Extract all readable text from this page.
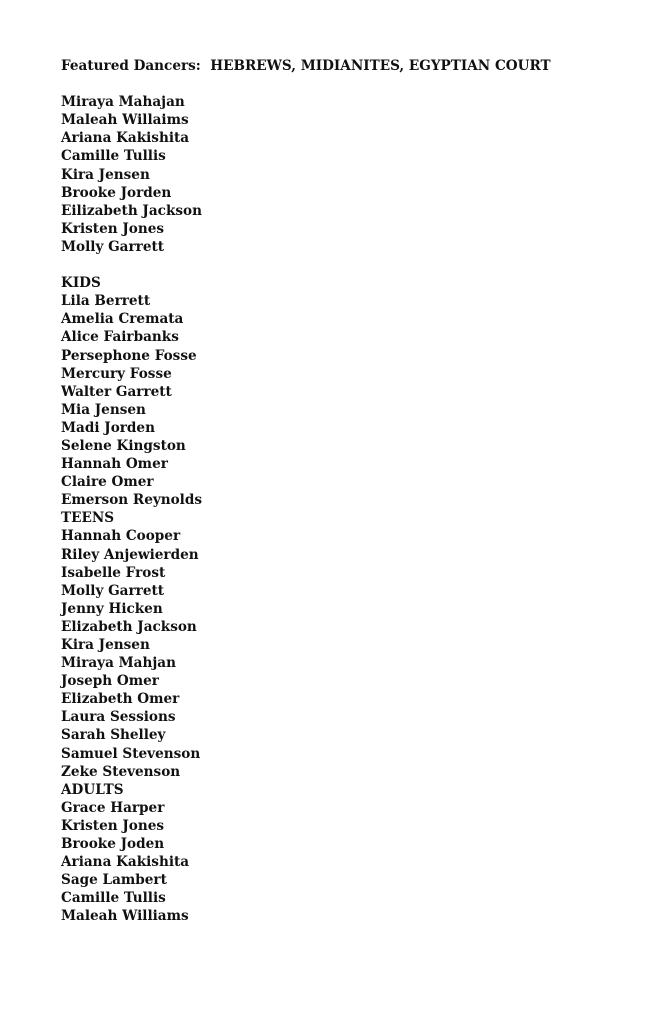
Featured Dancers: HEBREWS, MIDIANITES, EGYPTIAN COURT
Miraya Mahajan
Maleah Willaims
Ariana Kakishita
Camille Tullis
Kira Jensen
Brooke Jorden
Eilizabeth Jackson
Kristen Jones
Molly Garrett
KIDS
Lila Berrett
Amelia Cremata
Alice Fairbanks
Persephone Fosse
Mercury Fosse
Walter Garrett
Mia Jensen
Madi Jorden
Selene Kingston
Hannah Omer
Claire Omer
Emerson Reynolds
TEENS
Hannah Cooper
Riley Anjewierden
Isabelle Frost
Molly Garrett
Jenny Hicken
Elizabeth Jackson
Kira Jensen
Miraya Mahjan
Joseph Omer
Elizabeth Omer
Laura Sessions
Sarah Shelley
Samuel Stevenson
Zeke Stevenson
ADULTS
Grace Harper
Kristen Jones
Brooke Joden
Ariana Kakishita
Sage Lambert
Camille Tullis
Maleah Williams
